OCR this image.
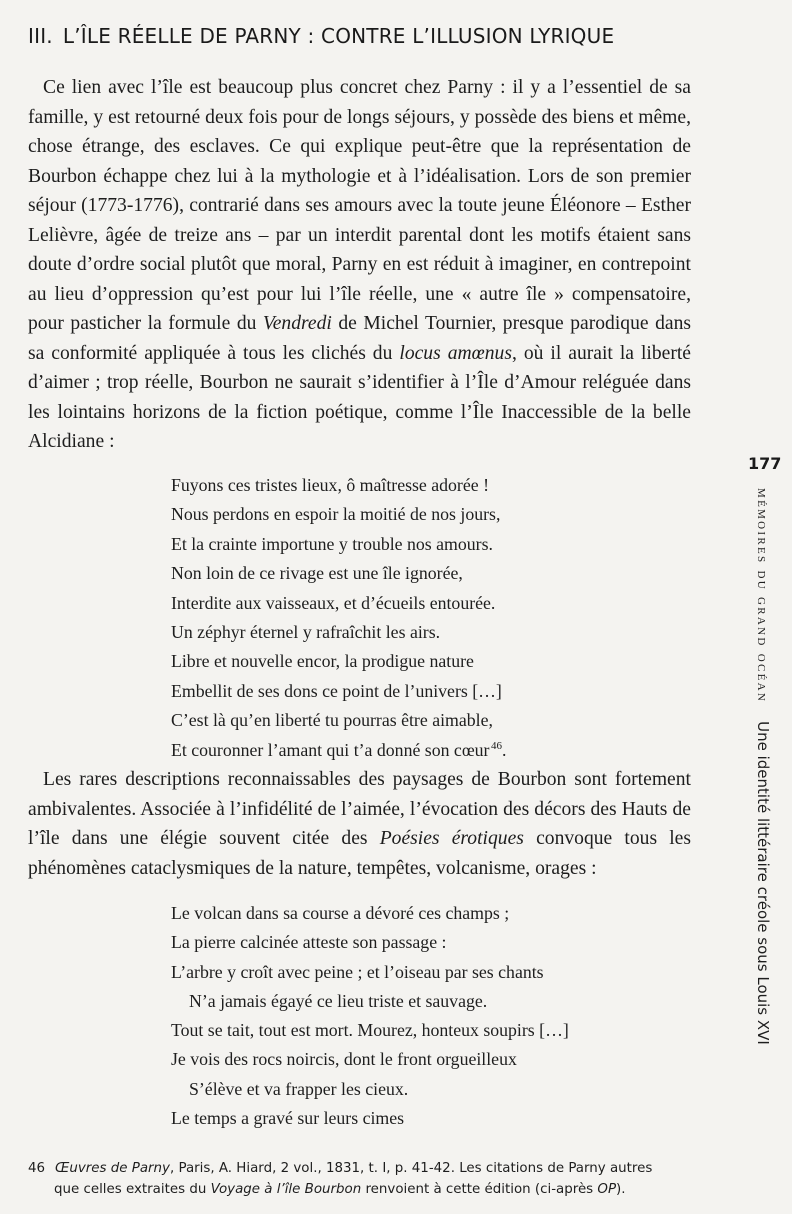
III. L’ÎLE RÉELLE DE PARNY : CONTRE L’ILLUSION LYRIQUE

Ce lien avec l’île est beaucoup plus concret chez Parny : il y a l’essentiel de sa famille, y est retourné deux fois pour de longs séjours, y possède des biens et même, chose étrange, des esclaves. Ce qui explique peut-être que la représentation de Bourbon échappe chez lui à la mythologie et à l’idéalisation. Lors de son premier séjour (1773-1776), contrarié dans ses amours avec la toute jeune Éléonore – Esther Lelièvre, âgée de treize ans – par un interdit parental dont les motifs étaient sans doute d’ordre social plutôt que moral, Parny en est réduit à imaginer, en contrepoint au lieu d’oppression qu’est pour lui l’île réelle, une « autre île » compensatoire, pour pasticher la formule du Vendredi de Michel Tournier, presque parodique dans sa conformité appliquée à tous les clichés du locus amœnus, où il aurait la liberté d’aimer ; trop réelle, Bourbon ne saurait s’identifier à l’Île d’Amour reléguée dans les lointains horizons de la fiction poétique, comme l’Île Inaccessible de la belle Alcidiane :

Fuyons ces tristes lieux, ô maîtresse adorée !
Nous perdons en espoir la moitié de nos jours,
Et la crainte importune y trouble nos amours.
Non loin de ce rivage est une île ignorée,
Interdite aux vaisseaux, et d’écueils entourée.
Un zéphyr éternel y rafraîchit les airs.
Libre et nouvelle encor, la prodigue nature
Embellit de ses dons ce point de l’univers […]
C’est là qu’en liberté tu pourras être aimable,
Et couronner l’amant qui t’a donné son cœur  $^{46}$.

Les rares descriptions reconnaissables des paysages de Bourbon sont fortement ambivalentes. Associée à l’infidélité de l’aimée, l’évocation des décors des Hauts de l’île dans une élégie souvent citée des Poésies érotiques convoque tous les phénomènes cataclysmiques de la nature, tempêtes, volcanisme, orages :

Le volcan dans sa course a dévoré ces champs ;
La pierre calcinée atteste son passage :
L’arbre y croît avec peine ; et l’oiseau par ses chants
N’a jamais égayé ce lieu triste et sauvage.
Tout se tait, tout est mort. Mourez, honteux soupirs […]
Je vois des rocs noircis, dont le front orgueilleux
S’élève et va frapper les cieux.
Le temps a gravé sur leurs cimes
46 Œuvres de Parny, Paris, A. Hiard, 2 vol., 1831, t. I, p. 41-42. Les citations de Parny autres
que celles extraites du Voyage à l’île Bourbon renvoient à cette édition (ci-après OP).
177
mémoires du grand océanUne identité littéraire créole sous Louis XVI
